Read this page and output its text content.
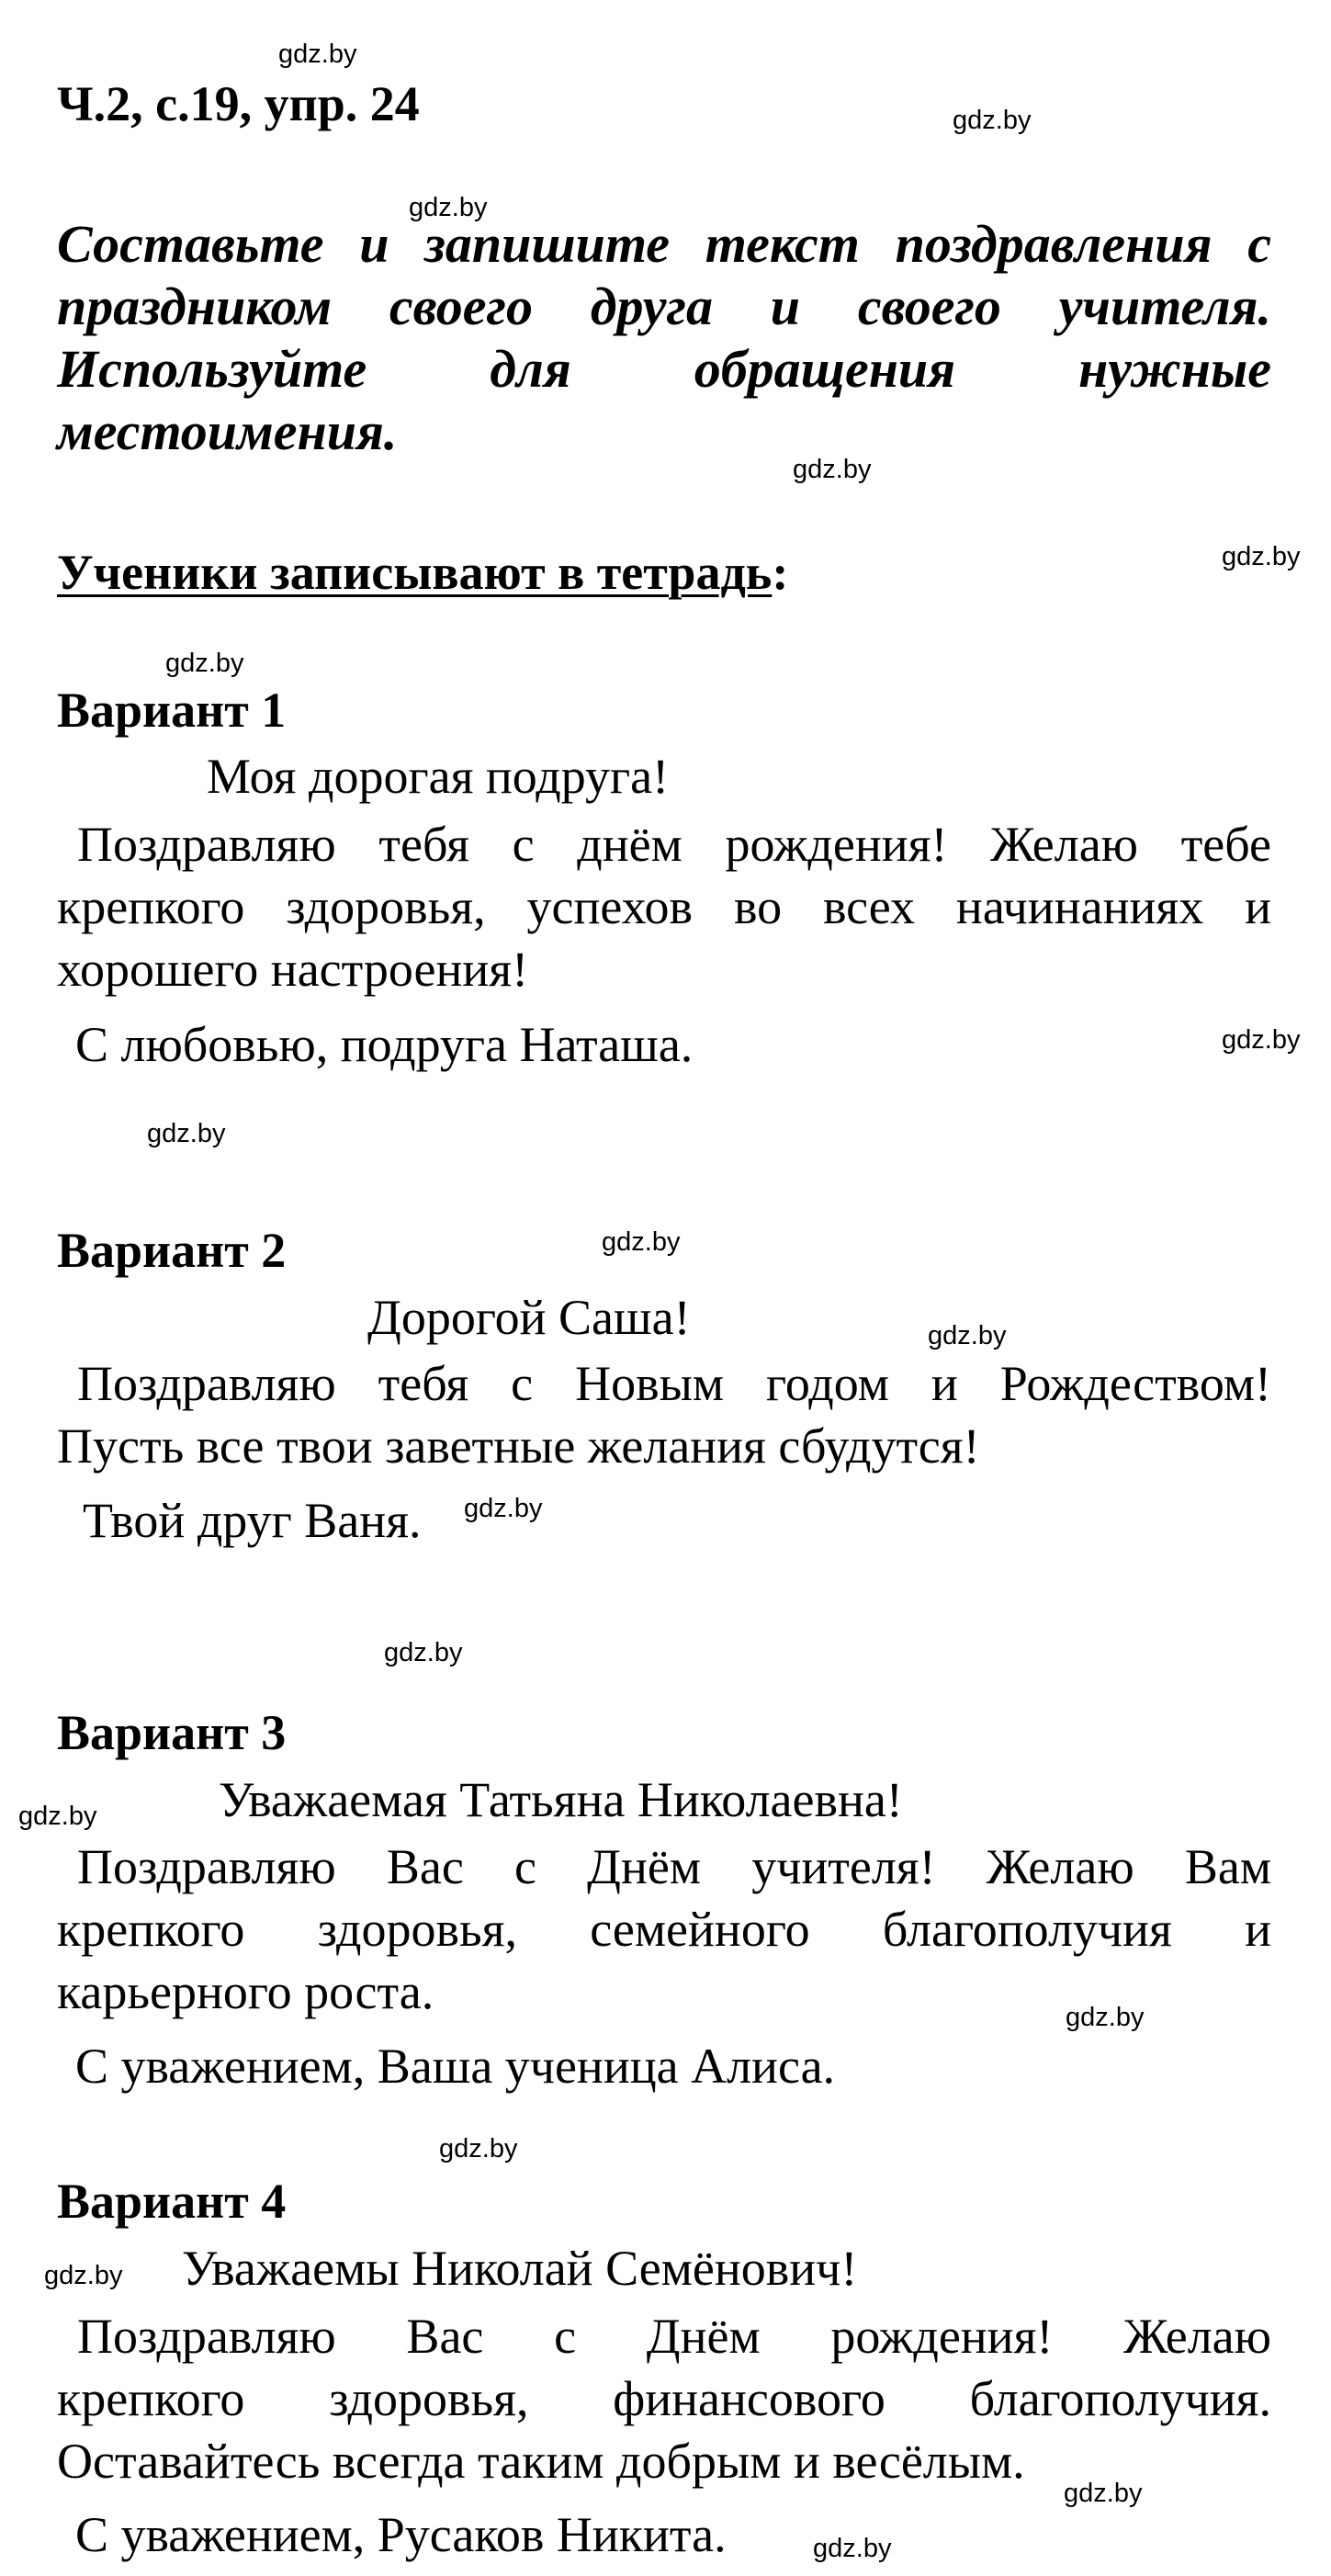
Ч.2, с.19, упр. 24
Составьте и запишите текст поздравления с
праздником своего друга и своего учителя.
Используйте для обращения нужные
местоимения.
Ученики записывают в тетрадь:
Вариант 1
Моя дорогая подруга!
Поздравляю тебя с днём рождения! Желаю тебе
крепкого здоровья, успехов во всех начинаниях и
хорошего настроения!
С любовью, подруга Наташа.
Вариант 2
Дорогой Саша!
Поздравляю тебя с Новым годом и Рождеством!
Пусть все твои заветные желания сбудутся!
Твой друг Ваня.
Вариант 3
Уважаемая Татьяна Николаевна!
Поздравляю Вас с Днём учителя! Желаю Вам
крепкого здоровья, семейного благополучия и
карьерного роста.
С уважением, Ваша ученица Алиса.
Вариант 4
Уважаемы Николай Семёнович!
Поздравляю Вас с Днём рождения! Желаю
крепкого здоровья, финансового благополучия.
Оставайтесь всегда таким добрым и весёлым.
С уважением, Русаков Никита.
gdz.by
gdz.by
gdz.by
gdz.by
gdz.by
gdz.by
gdz.by
gdz.by
gdz.by
gdz.by
gdz.by
gdz.by
gdz.by
gdz.by
gdz.by
gdz.by
gdz.by
gdz.by
